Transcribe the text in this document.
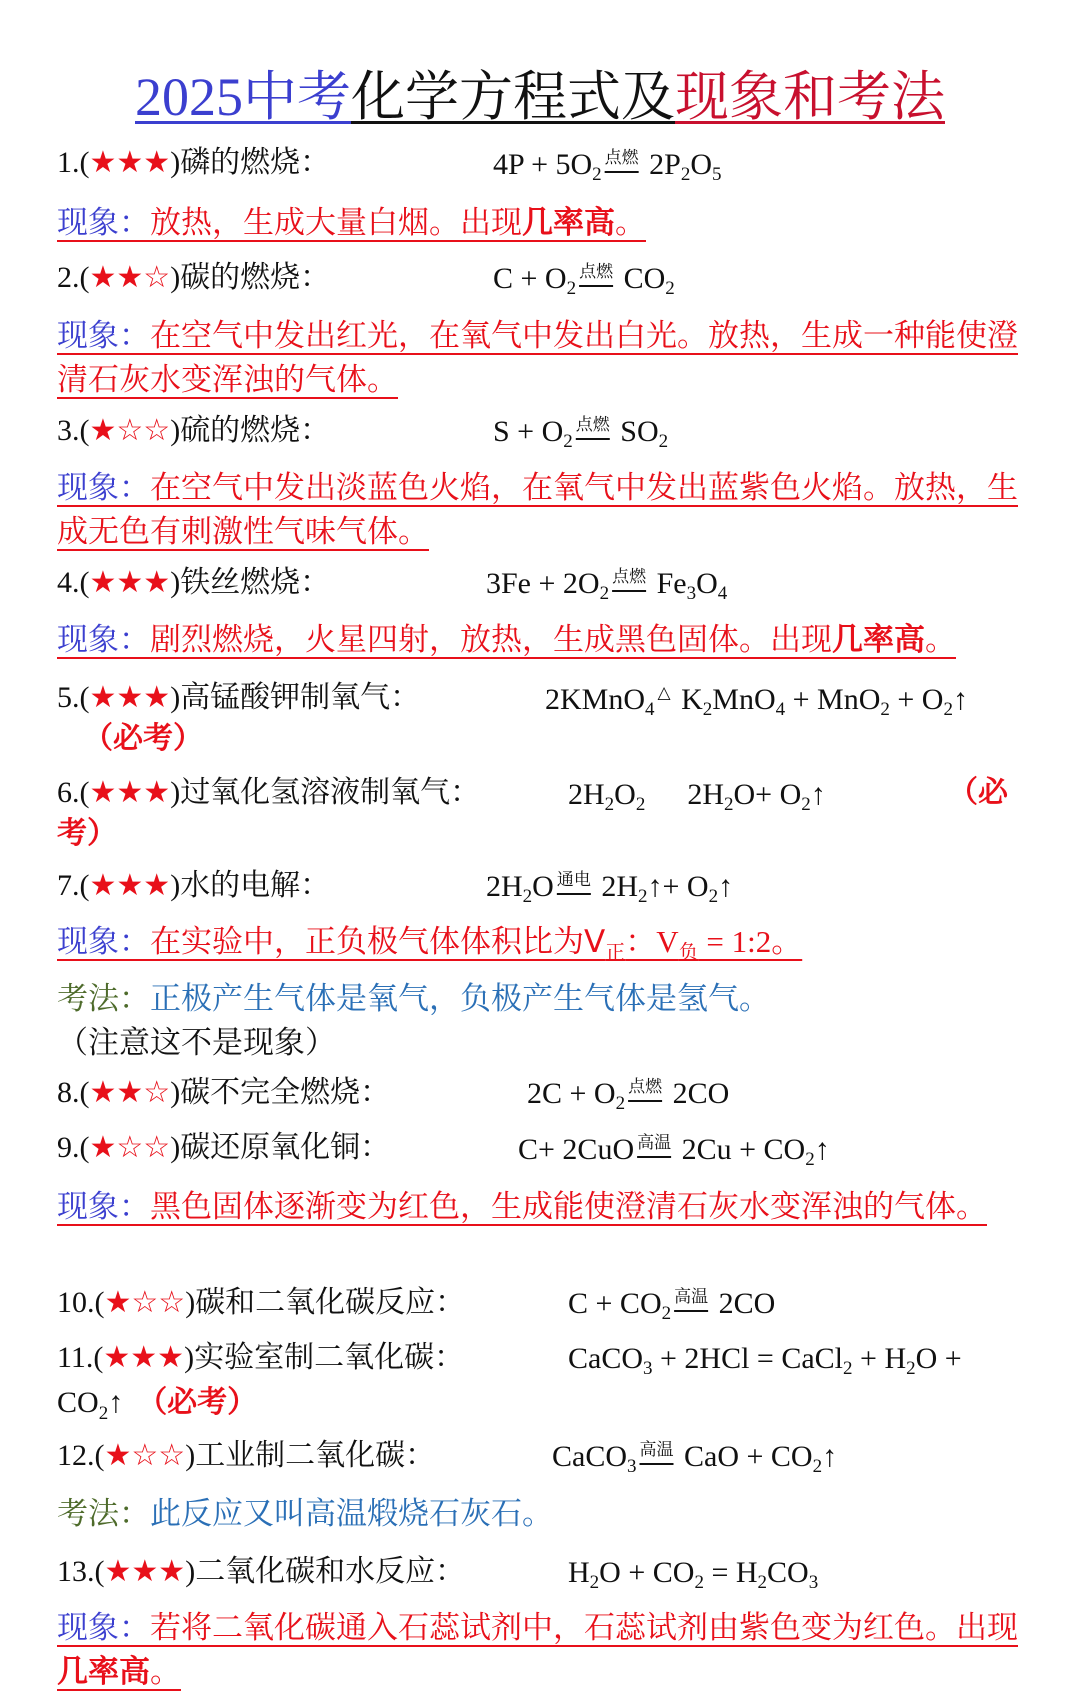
2025中考化学方程式及现象和考法
1.(★★★)磷的燃烧：	$4P + 5O_2$点燃 $2P_2O_5$
现象：放热，生成大量白烟。出现几率高。
2.(★★☆)碳的燃烧：	$C + O_2$点燃 $CO_2$
现象：在空气中发出红光，在氧气中发出白光。放热，生成一种能使澄清石灰水变浑浊的气体。
3.(★☆☆)硫的燃烧：	$S + O_2$点燃 $SO_2$
现象：在空气中发出淡蓝色火焰，在氧气中发出蓝紫色火焰。放热，生成无色有刺激性气味气体。
4.(★★★)铁丝燃烧：	$3Fe + 2O_2$点燃 $Fe_3O_4$
现象：剧烈燃烧，火星四射，放热，生成黑色固体。出现几率高。
5.(★★★)高锰酸钾制氧气：	2KMnO$_4$△ $K_2MnO_4 + MnO_2$ + $O_2↑$
（必考）
6.(★★★)过氧化氢溶液制氧气：	$2H_2O_2$ $2H_2O+$ $O_2↑$	（必
考）
7.(★★★)水的电解：	$2H_2O$ 通电 $2H_2↑+$ $O_2↑$
现象：在实验中，正负极气体体积比为$V_正$：$V_负$ = 1:2。
考法：正极产生气体是氧气，负极产生气体是氢气。（注意这不是现象）
8.(★★☆)碳不完全燃烧：	$2C + O_2$点燃 2CO
9.(★☆☆)碳还原氧化铜：	C+ 2CuO 高温 $2Cu + CO_2↑$
现象：黑色固体逐渐变为红色，生成能使澄清石灰水变浑浊的气体。
10.(★☆☆)碳和二氧化碳反应：	$C + CO_2$高温 2CO
11.(★★★)实验室制二氧化碳：	CaCO$_3$ + 2HCl = CaCl$_2$ + $H_2O$ +
$CO_2↑$ （必考）
12.(★☆☆)工业制二氧化碳：	CaCO$_3$高温 CaO + $CO_2↑$
考法：此反应又叫高温煅烧石灰石。
13.(★★★)二氧化碳和水反应：	$H_2O + CO_2 = H_2CO_3$
现象：若将二氧化碳通入石蕊试剂中，石蕊试剂由紫色变为红色。出现几率高。
